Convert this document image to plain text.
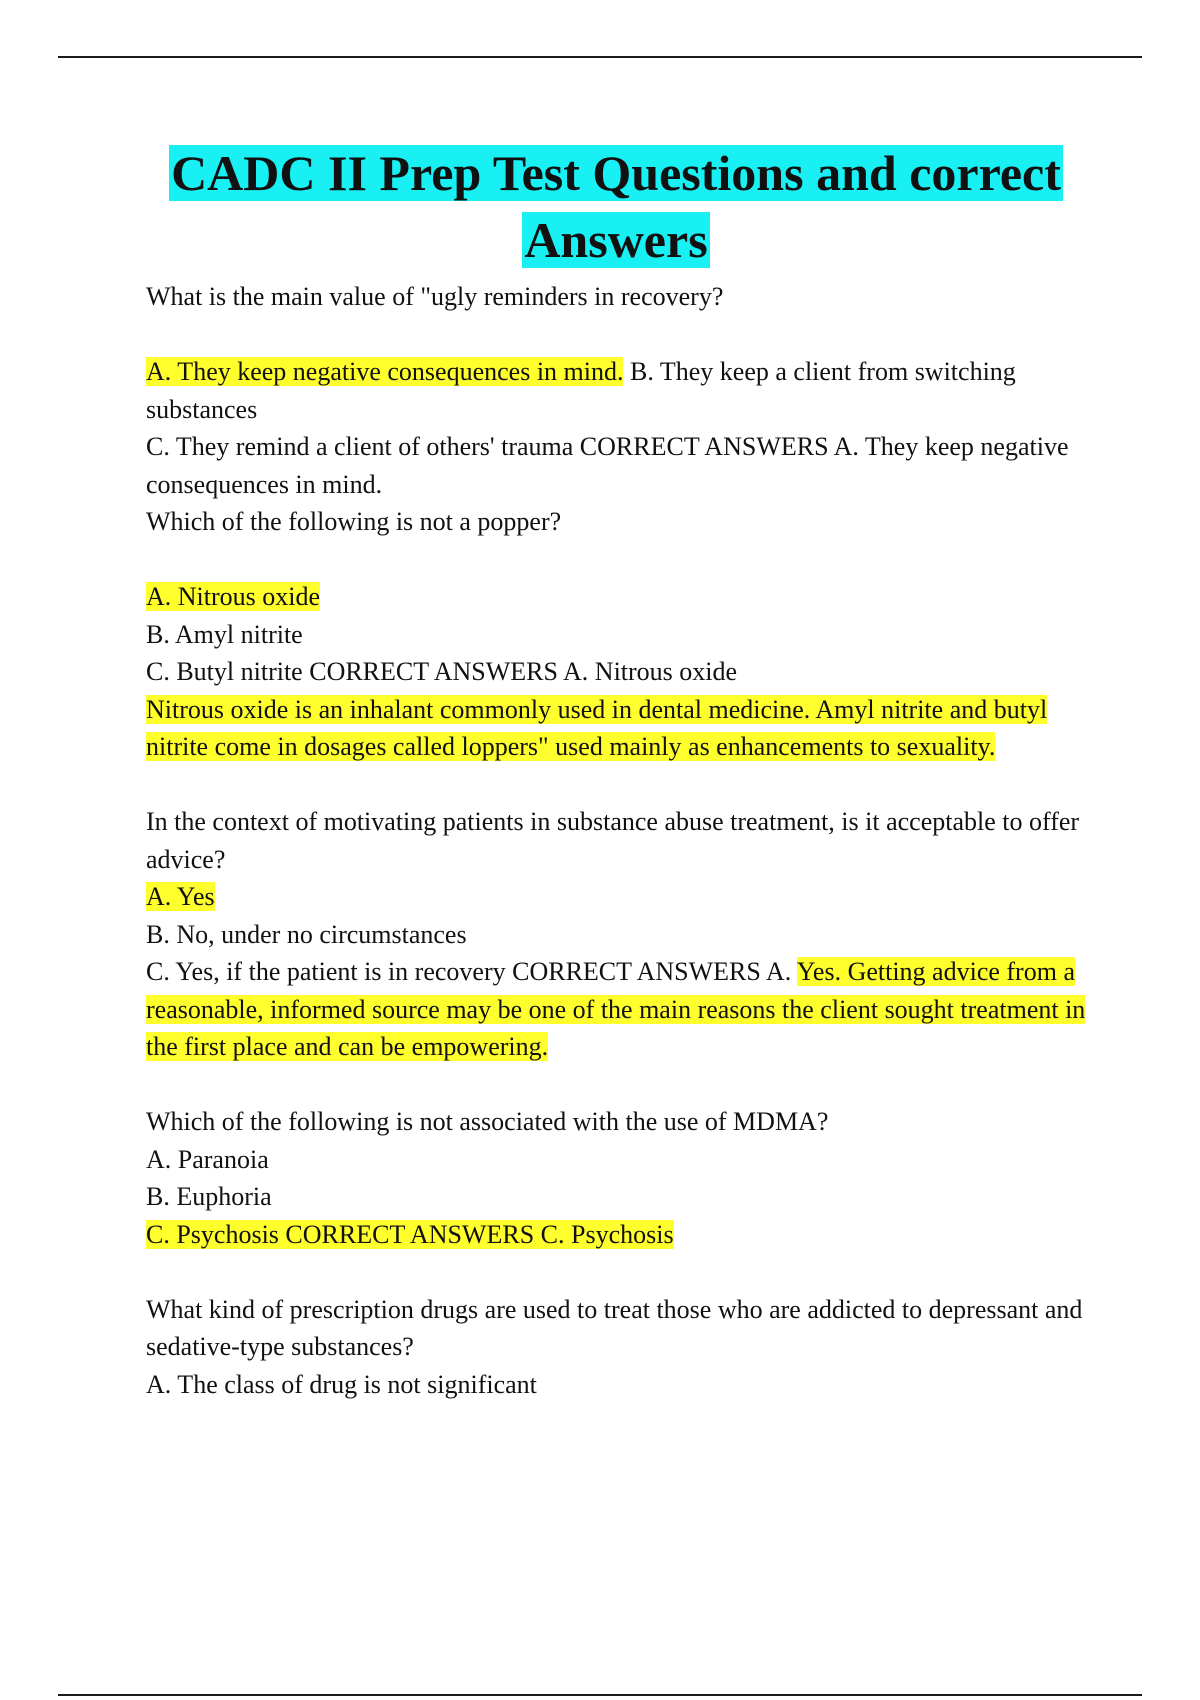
CADC II Prep Test Questions and correct
Answers

What is the main value of "ugly reminders in recovery?

A. They keep negative consequences in mind. B. They keep a client from switching substances

C. They remind a client of others' trauma CORRECT ANSWERS A. They keep negative consequences in mind.

Which of the following is not a popper?

A. Nitrous oxide

B. Amyl nitrite

C. Butyl nitrite CORRECT ANSWERS A. Nitrous oxide

Nitrous oxide is an inhalant commonly used in dental medicine. Amyl nitrite and butyl nitrite come in dosages called loppers" used mainly as enhancements to sexuality.

In the context of motivating patients in substance abuse treatment, is it acceptable to offer advice?

A. Yes

B. No, under no circumstances

C. Yes, if the patient is in recovery CORRECT ANSWERS A. Yes. Getting advice from a reasonable, informed source may be one of the main reasons the client sought treatment in the first place and can be empowering.

Which of the following is not associated with the use of MDMA?

A. Paranoia

B. Euphoria

C. Psychosis CORRECT ANSWERS C. Psychosis

What kind of prescription drugs are used to treat those who are addicted to depressant and sedative-type substances?

A. The class of drug is not significant
